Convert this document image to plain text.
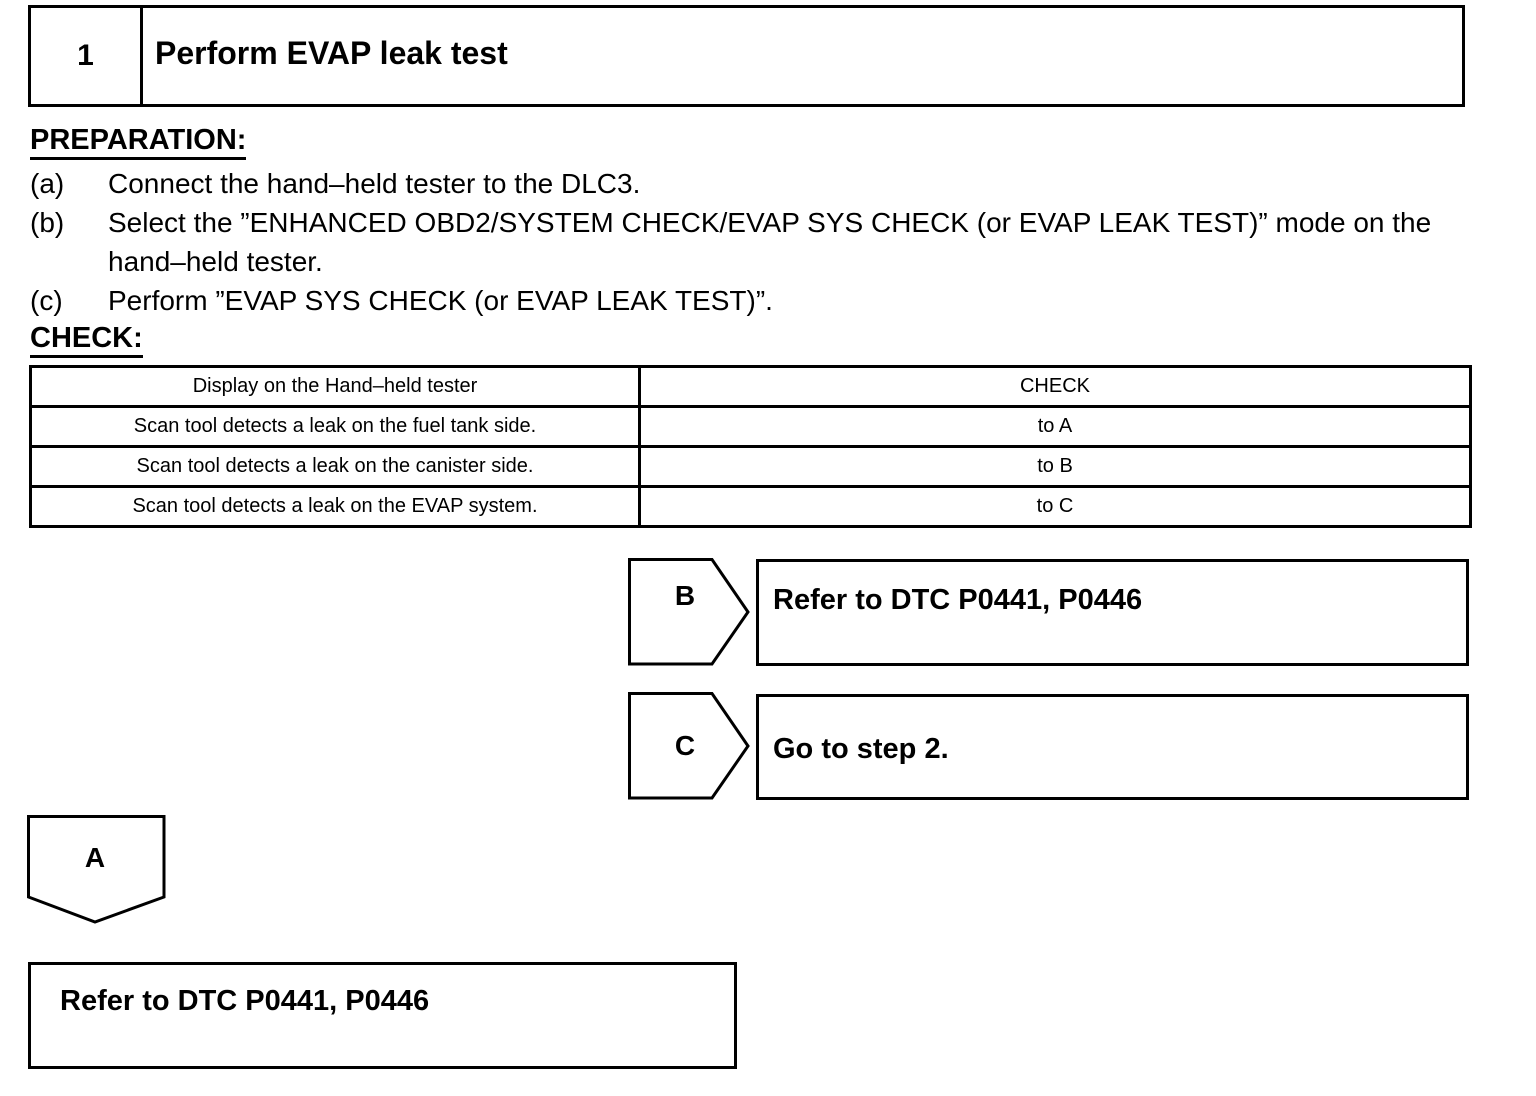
1	Perform EVAP leak test
PREPARATION:
(a) Connect the hand–held tester to the DLC3.
(b) Select the ”ENHANCED OBD2/SYSTEM CHECK/EVAP SYS CHECK (or EVAP LEAK TEST)” mode on the hand–held tester.
(c) Perform ”EVAP SYS CHECK (or EVAP LEAK TEST)”.
CHECK:
Display on the Hand–held tester	CHECK
Scan tool detects a leak on the fuel tank side.	to A
Scan tool detects a leak on the canister side.	to B
Scan tool detects a leak on the EVAP system.	to C
B	Refer to DTC P0441, P0446
C	Go to step 2.
A
Refer to DTC P0441, P0446
